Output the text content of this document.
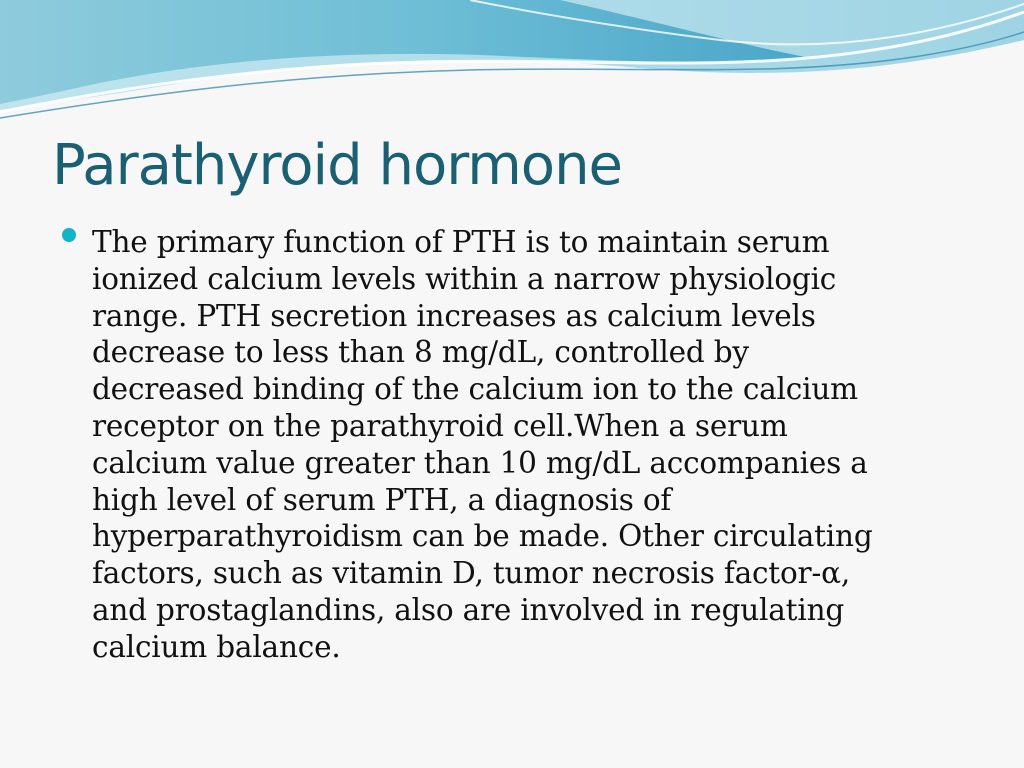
Parathyroid hormone

The primary function of PTH is to maintain serum
ionized calcium levels within a narrow physiologic
range. PTH secretion increases as calcium levels
decrease to less than 8 mg/dL, controlled by
decreased binding of the calcium ion to the calcium
receptor on the parathyroid cell.When a serum
calcium value greater than 10 mg/dL accompanies a
high level of serum PTH, a diagnosis of
hyperparathyroidism can be made. Other circulating
factors, such as vitamin D, tumor necrosis factor-α,
and prostaglandins, also are involved in regulating
calcium balance.
